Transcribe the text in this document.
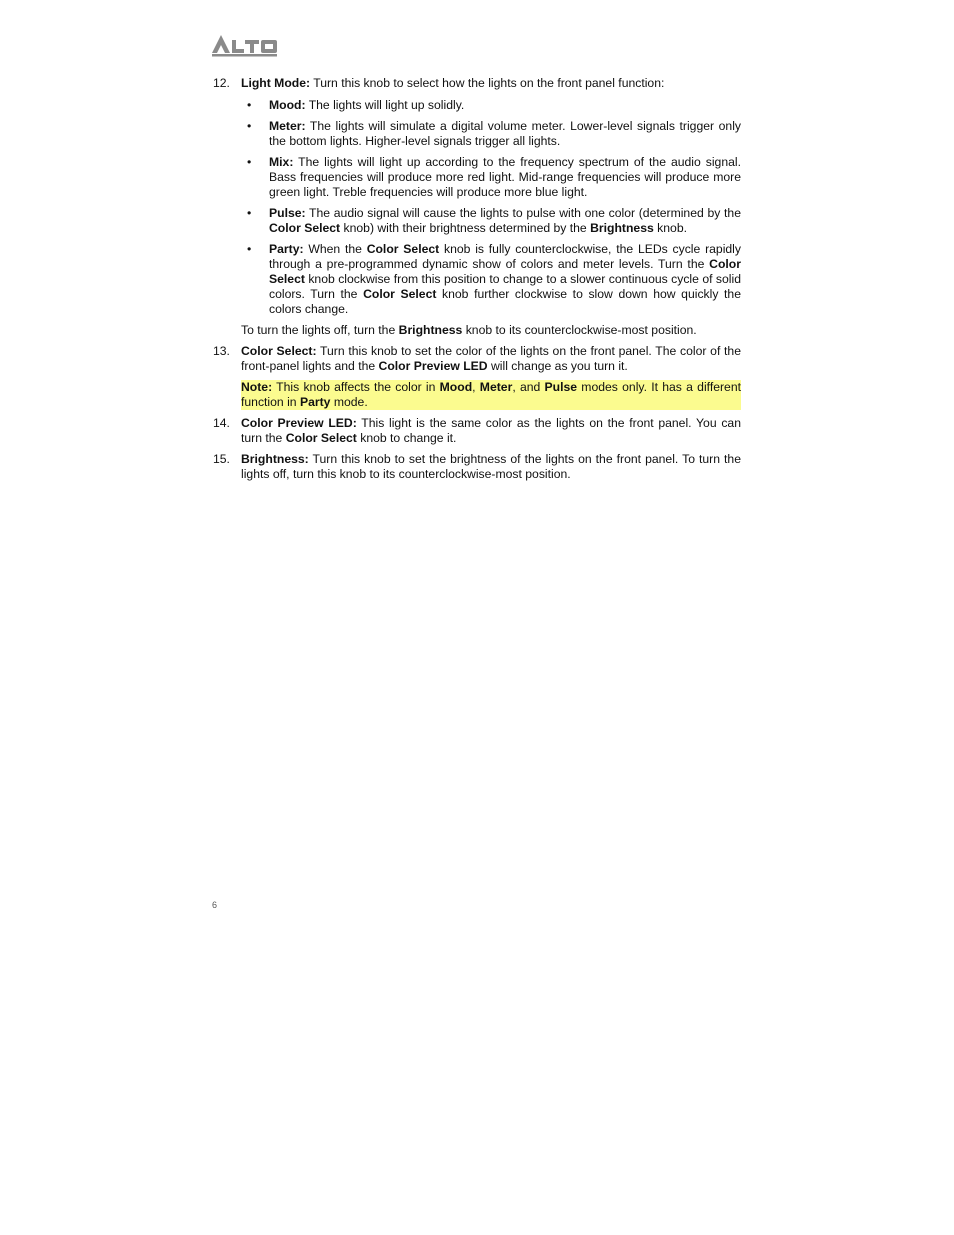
12. Light Mode: Turn this knob to select how the lights on the front panel function:

• Mood: The lights will light up solidly.
• Meter: The lights will simulate a digital volume meter. Lower-level signals trigger only the bottom lights. Higher-level signals trigger all lights.
• Mix: The lights will light up according to the frequency spectrum of the audio signal. Bass frequencies will produce more red light. Mid-range frequencies will produce more green light. Treble frequencies will produce more blue light.
• Pulse: The audio signal will cause the lights to pulse with one color (determined by the Color Select knob) with their brightness determined by the Brightness knob.
• Party: When the Color Select knob is fully counterclockwise, the LEDs cycle rapidly through a pre-programmed dynamic show of colors and meter levels. Turn the Color Select knob clockwise from this position to change to a slower continuous cycle of solid colors. Turn the Color Select knob further clockwise to slow down how quickly the colors change.

To turn the lights off, turn the Brightness knob to its counterclockwise-most position.

13. Color Select: Turn this knob to set the color of the lights on the front panel. The color of the front-panel lights and the Color Preview LED will change as you turn it.

Note: This knob affects the color in Mood, Meter, and Pulse modes only. It has a different function in Party mode.

14. Color Preview LED: This light is the same color as the lights on the front panel. You can turn the Color Select knob to change it.

15. Brightness: Turn this knob to set the brightness of the lights on the front panel. To turn the lights off, turn this knob to its counterclockwise-most position.

6
